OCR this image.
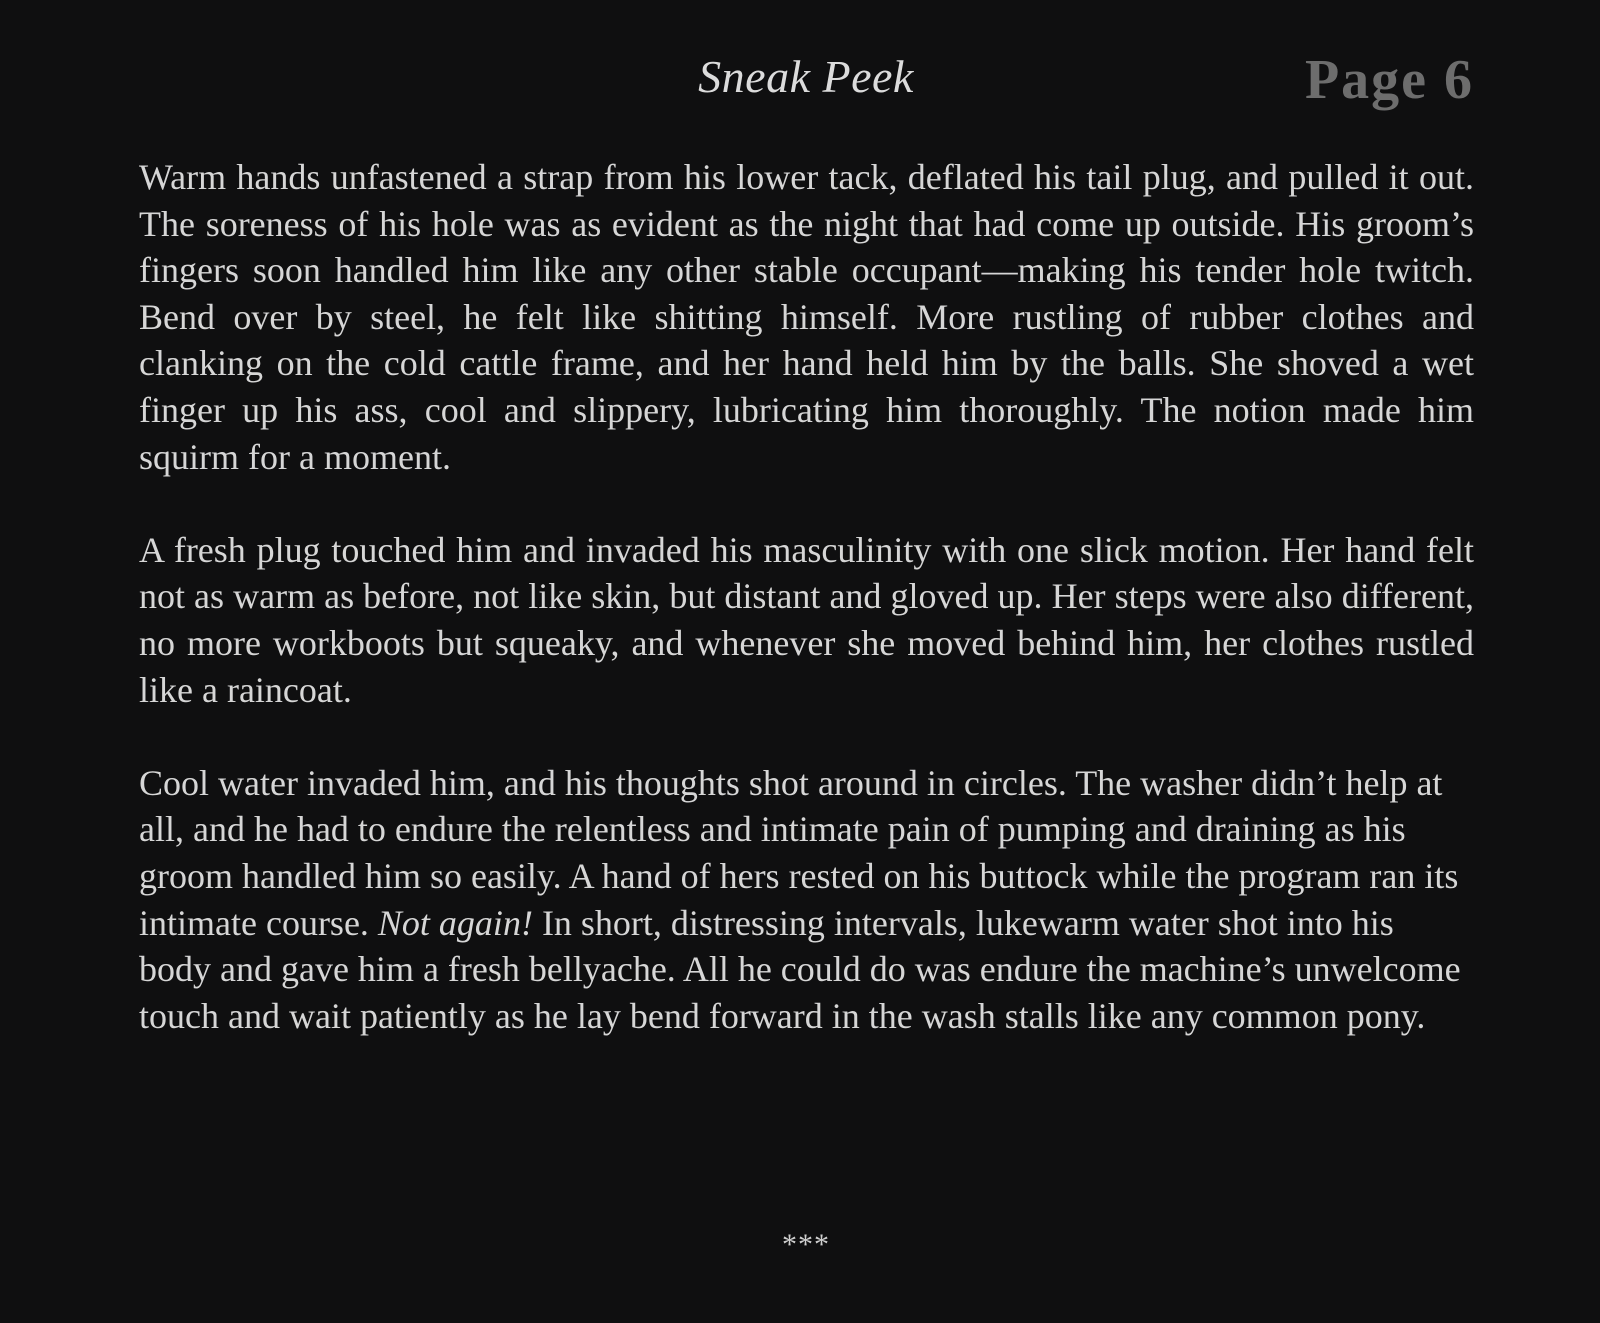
Sneak Peek	Page 6

Warm hands unfastened a strap from his lower tack, deflated his tail plug, and pulled it out. The soreness of his hole was as evident as the night that had come up outside. His groom’s fingers soon handled him like any other stable occupant—making his tender hole twitch. Bend over by steel, he felt like shitting himself. More rustling of rubber clothes and clanking on the cold cattle frame, and her hand held him by the balls. She shoved a wet finger up his ass, cool and slippery, lubricating him thoroughly. The notion made him squirm for a moment.

A fresh plug touched him and invaded his masculinity with one slick motion. Her hand felt not as warm as before, not like skin, but distant and gloved up. Her steps were also different, no more workboots but squeaky, and whenever she moved behind him, her clothes rustled like a raincoat.

Cool water invaded him, and his thoughts shot around in circles. The washer didn’t help at all, and he had to endure the relentless and intimate pain of pumping and draining as his groom handled him so easily. A hand of hers rested on his buttock while the program ran its intimate course. Not again! In short, distressing intervals, lukewarm water shot into his body and gave him a fresh bellyache. All he could do was endure the machine’s unwelcome touch and wait patiently as he lay bend forward in the wash stalls like any common pony.

***
